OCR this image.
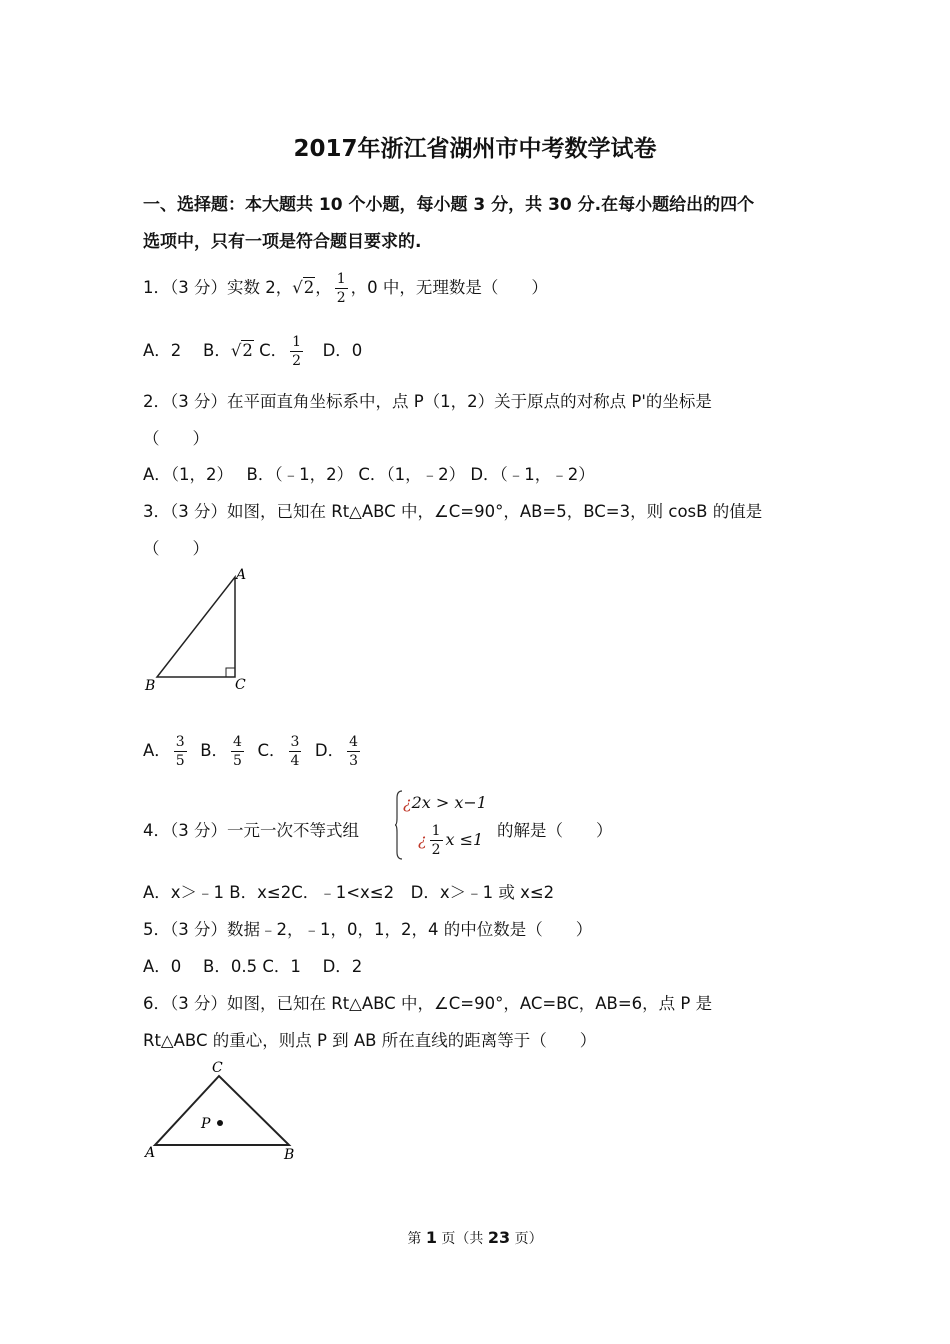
2017年浙江省湖州市中考数学试卷
一、选择题：本大题共 10 个小题，每小题 3 分，共 30 分.在每小题给出的四个
选项中，只有一项是符合题目要求的.
1．（3 分）实数 2，√2， $\frac{1}{2}$ ，0 中，无理数是（　　）
A．2　 B．√2 C． $\frac{1}{2}$ 　D．0
2．（3 分）在平面直角坐标系中，点 P（1，2）关于原点的对称点 P'的坐标是
（　　）
A．（1，2）　 B．（﹣1，2） C．（1，﹣2） D．（﹣1，﹣2）
3．（3 分）如图，已知在 Rt△ABC 中，∠C=90°，AB=5，BC=3，则 cosB 的值是
（　　）
A
B	C
A． $\frac{3}{5}$ B． $\frac{4}{5}$ C． $\frac{3}{4}$ D． $\frac{4}{3}$
4．（3 分）一元一次不等式组
¿2x > x−1
¿ $\frac{1}{2}$ x ≤1 的解是（　　）
A．x＞﹣1 B．x≤2C．﹣1<x≤2　D．x＞﹣1 或 x≤2
5．（3 分）数据﹣2，﹣1，0，1，2，4 的中位数是（　　）
A．0　 B．0.5 C．1　 D．2
6．（3 分）如图，已知在 Rt△ABC 中，∠C=90°，AC=BC，AB=6，点 P 是
Rt△ABC 的重心，则点 P 到 AB 所在直线的距离等于（　　）
C
A	B
P
第 1 页（共 23 页）
